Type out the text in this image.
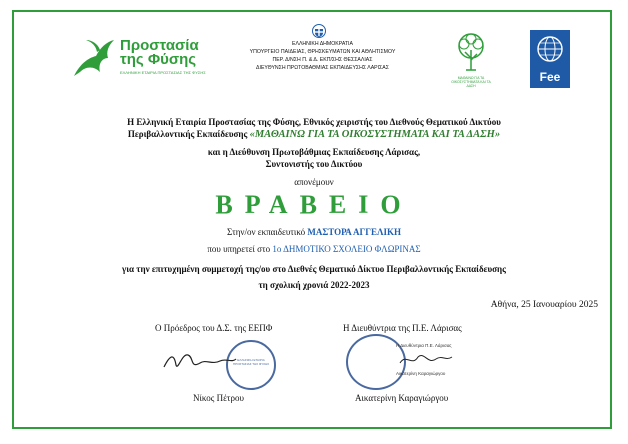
Προστασία
της Φύσης
ΕΛΛΗΝΙΚΗ ΕΤΑΙΡΙΑ ΠΡΟΣΤΑΣΙΑΣ ΤΗΣ ΦΥΣΗΣ
ΕΛΛΗΝΙΚΗ ΔΗΜΟΚΡΑΤΙΑ
ΥΠΟΥΡΓΕΙΟ ΠΑΙΔΕΙΑΣ, ΘΡΗΣΚΕΥΜΑΤΩΝ ΚΑΙ ΑΘΛΗΤΙΣΜΟΥ
ΠΕΡ. Δ/ΝΣΗ Π. & Δ. ΕΚΠ/ΣΗΣ ΘΕΣΣΑΛΙΑΣ
ΔΙΕΥΘΥΝΣΗ ΠΡΩΤΟΒΑΘΜΙΑΣ ΕΚΠΑΙΔΕΥΣΗΣ ΛΑΡΙΣΑΣ
ΜΑΘΑΙΝΩ ΓΙΑ ΤΑ ΟΙΚΟΣΥΣΤΗΜΑΤΑ ΚΑΙ ΤΑ ΔΑΣΗ
Fee
Η Ελληνική Εταιρία Προστασίας της Φύσης, Εθνικός χειριστής του Διεθνούς Θεματικού Δικτύου
Περιβαλλοντικής Εκπαίδευσης «ΜΑΘΑΙΝΩ ΓΙΑ ΤΑ ΟΙΚΟΣΥΣΤΗΜΑΤΑ ΚΑΙ ΤΑ ΔΑΣΗ»
και η Διεύθυνση Πρωτοβάθμιας Εκπαίδευσης Λάρισας,
Συντονιστής του Δικτύου
απονέμουν
ΒΡΑΒΕΙΟ
Στην/ον εκπαιδευτικό ΜΑΣΤΟΡΑ ΑΓΓΕΛΙΚΗ
που υπηρετεί στο 1ο ΔΗΜΟΤΙΚΟ ΣΧΟΛΕΙΟ ΦΛΩΡΙΝΑΣ
για την επιτυχημένη συμμετοχή της/ου στο Διεθνές Θεματικό Δίκτυο Περιβαλλοντικής Εκπαίδευσης
τη σχολική χρονιά 2022-2023
Αθήνα, 25 Ιανουαρίου 2025
Ο Πρόεδρος του Δ.Σ. της ΕΕΠΦ	Η Διευθύντρια της Π.Ε. Λάρισας
ΕΛΛΗΝΙΚΗ ΕΤΑΙΡΙΑ ΠΡΟΣΤΑΣΙΑΣ ΤΗΣ ΦΥΣΗΣ
Νίκος Πέτρου
Η Διευθύντρια Π.Ε. Λάρισας
Αικατερίνη Καραγιώργου
Αικατερίνη Καραγιώργου
